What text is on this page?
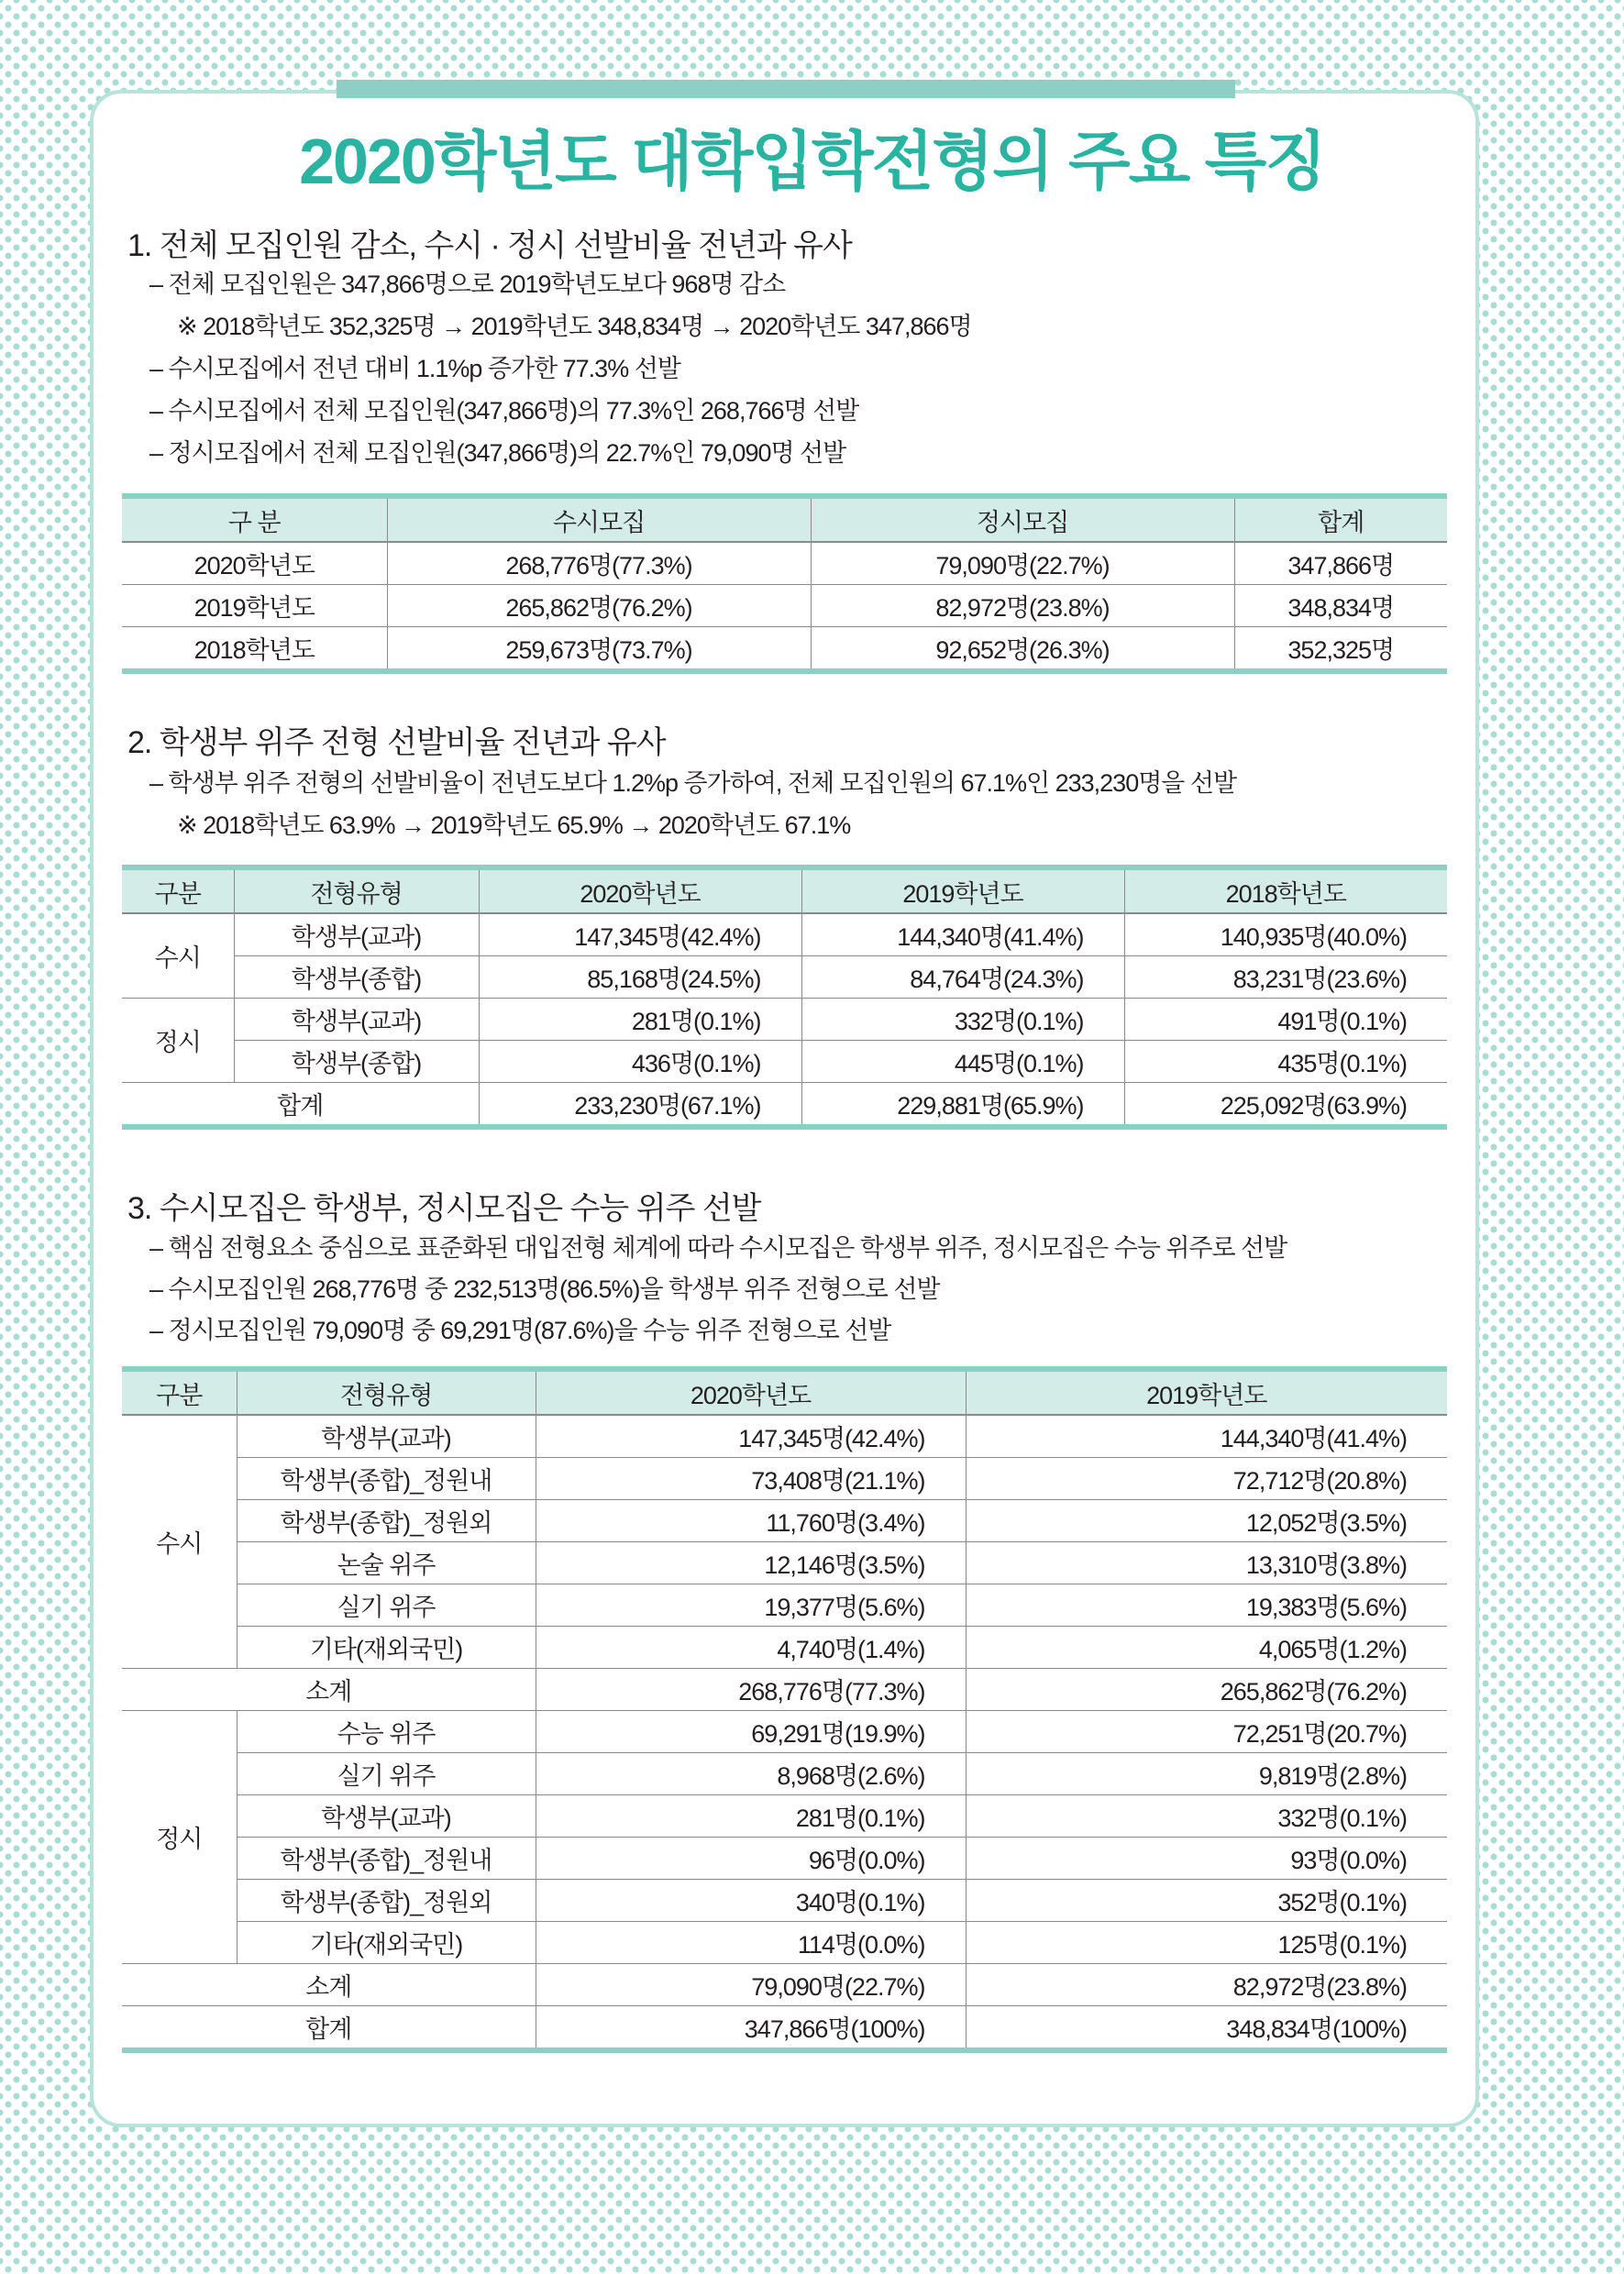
2020학년도 대학입학전형의 주요 특징
1. 전체 모집인원 감소, 수시 · 정시 선발비율 전년과 유사
– 전체 모집인원은 347,866명으로 2019학년도보다 968명 감소
※ 2018학년도 352,325명 → 2019학년도 348,834명 → 2020학년도 347,866명
– 수시모집에서 전년 대비 1.1%p 증가한 77.3% 선발
– 수시모집에서 전체 모집인원(347,866명)의 77.3%인 268,766명 선발
– 정시모집에서 전체 모집인원(347,866명)의 22.7%인 79,090명 선발
구 분	수시모집	정시모집	합계
2020학년도	268,776명(77.3%)	79,090명(22.7%)	347,866명
2019학년도	265,862명(76.2%)	82,972명(23.8%)	348,834명
2018학년도	259,673명(73.7%)	92,652명(26.3%)	352,325명
2. 학생부 위주 전형 선발비율 전년과 유사
– 학생부 위주 전형의 선발비율이 전년도보다 1.2%p 증가하여, 전체 모집인원의 67.1%인 233,230명을 선발
※ 2018학년도 63.9% → 2019학년도 65.9% → 2020학년도 67.1%
구분	전형유형	2020학년도	2019학년도	2018학년도
수시	학생부(교과)	147,345명(42.4%)	144,340명(41.4%)	140,935명(40.0%)
	학생부(종합)	85,168명(24.5%)	84,764명(24.3%)	83,231명(23.6%)
정시	학생부(교과)	281명(0.1%)	332명(0.1%)	491명(0.1%)
	학생부(종합)	436명(0.1%)	445명(0.1%)	435명(0.1%)
합계		233,230명(67.1%)	229,881명(65.9%)	225,092명(63.9%)
3. 수시모집은 학생부, 정시모집은 수능 위주 선발
– 핵심 전형요소 중심으로 표준화된 대입전형 체계에 따라 수시모집은 학생부 위주, 정시모집은 수능 위주로 선발
– 수시모집인원 268,776명 중 232,513명(86.5%)을 학생부 위주 전형으로 선발
– 정시모집인원 79,090명 중 69,291명(87.6%)을 수능 위주 전형으로 선발
구분	전형유형	2020학년도	2019학년도
수시	학생부(교과)	147,345명(42.4%)	144,340명(41.4%)
	학생부(종합)_정원내	73,408명(21.1%)	72,712명(20.8%)
	학생부(종합)_정원외	11,760명(3.4%)	12,052명(3.5%)
	논술 위주	12,146명(3.5%)	13,310명(3.8%)
	실기 위주	19,377명(5.6%)	19,383명(5.6%)
	기타(재외국민)	4,740명(1.4%)	4,065명(1.2%)
소계		268,776명(77.3%)	265,862명(76.2%)
정시	수능 위주	69,291명(19.9%)	72,251명(20.7%)
	실기 위주	8,968명(2.6%)	9,819명(2.8%)
	학생부(교과)	281명(0.1%)	332명(0.1%)
	학생부(종합)_정원내	96명(0.0%)	93명(0.0%)
	학생부(종합)_정원외	340명(0.1%)	352명(0.1%)
	기타(재외국민)	114명(0.0%)	125명(0.1%)
소계		79,090명(22.7%)	82,972명(23.8%)
합계		347,866명(100%)	348,834명(100%)
